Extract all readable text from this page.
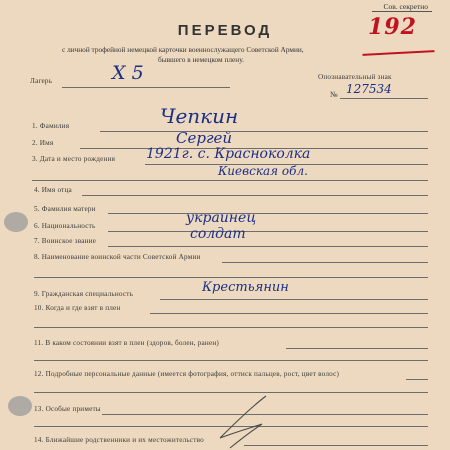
Сов. секретно
192
ПЕРЕВОД
с личной трофейной немецкой карточки военнослужащего Советской Армии,
бывшего в немецком плену.
Лагерь	Х 5	Опознавательный знак
№ 127534
1. Фамилия	Чепкин
2. Имя	Сергей
3. Дата и место рождения 1921г. с. Красноколка
Киевская обл.
4. Имя отца
5. Фамилия матери
6. Национальность	украинец
7. Воинское звание	солдат
8. Наименование воинской части Советской Армии
9. Гражданская специальность	Крестьянин
10. Когда и где взят в плен
11. В каком состоянии взят в плен (здоров, болен, ранен)
12. Подробные персональные данные (имеется фотография, оттиск пальцев, рост, цвет волос)
13. Особые приметы
14. Ближайшие родственники и их местожительство
